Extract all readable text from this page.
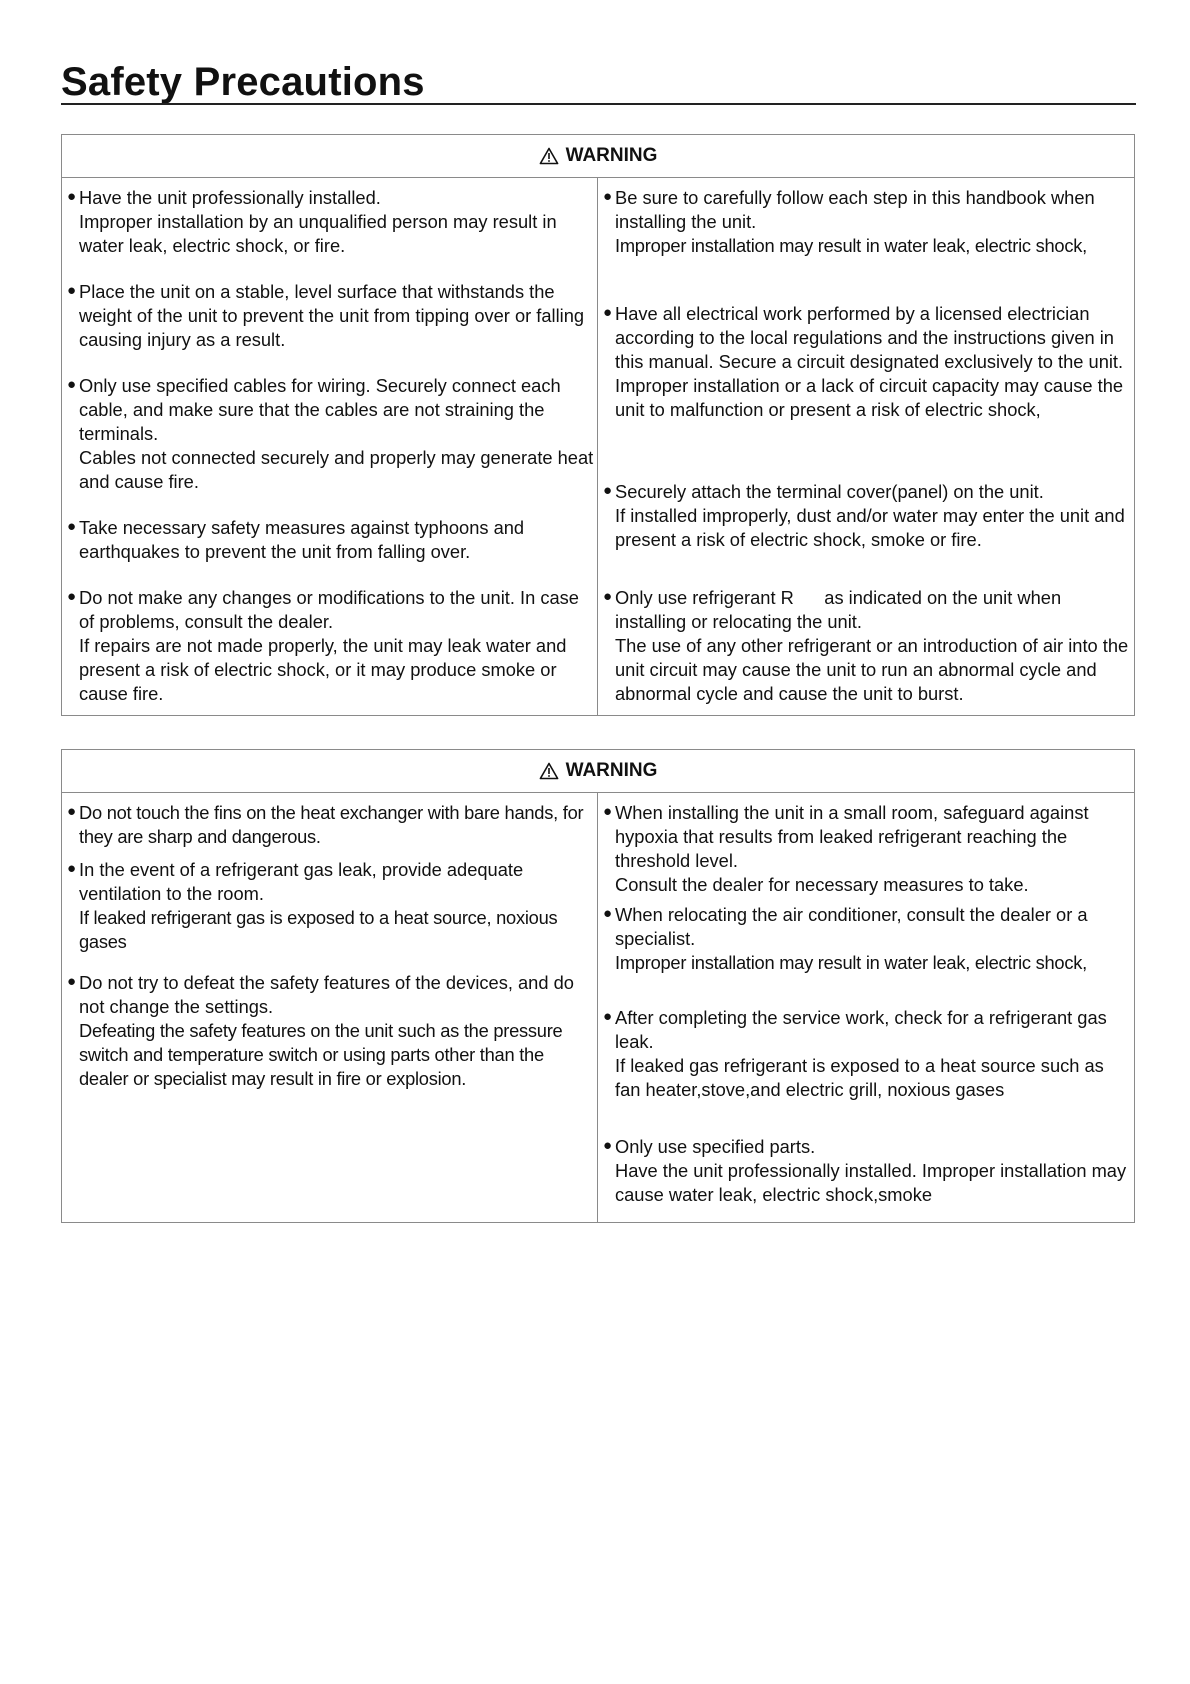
Safety Precautions
WARNING
● Have the unit professionally installed.

Improper installation by an unqualified person may result in water leak, electric shock, or fire.

● Place the unit on a stable, level surface that withstands the weight of the unit to prevent the unit from tipping over or falling causing injury as a result.

● Only use specified cables for wiring. Securely connect each cable, and make sure that the cables are not straining the terminals.

Cables not connected securely and properly may generate heat and cause fire.

● Take necessary safety measures against typhoons and earthquakes to prevent the unit from falling over.

● Do not make any changes or modifications to the unit. In case of problems, consult the dealer.

If repairs are not made properly, the unit may leak water and present a risk of electric shock, or it may produce smoke or cause fire.

● Be sure to carefully follow each step in this handbook when installing the unit.

Improper installation may result in water leak, electric shock,

● Have all electrical work performed by a licensed electrician according to the local regulations and the instructions given in this manual. Secure a circuit designated exclusively to the unit.

Improper installation or a lack of circuit capacity may cause the unit to malfunction or present a risk of electric shock,

● Securely attach the terminal cover(panel) on the unit.

If installed improperly, dust and/or water may enter the unit and present a risk of electric shock, smoke or fire.

● Only use refrigerant R      as indicated on the unit when installing or relocating the unit.

The use of any other refrigerant or an introduction of air into the unit circuit may cause the unit to run an abnormal cycle and abnormal cycle and cause the unit to burst.

WARNING
● Do not touch the fins on the heat exchanger with bare hands, for they are sharp and dangerous.

● In the event of a refrigerant gas leak, provide adequate ventilation to the room.

If leaked refrigerant gas is exposed to a heat source, noxious gases

● Do not try to defeat the safety features of the devices, and do not change the settings.

Defeating the safety features on the unit such as the pressure switch and temperature switch or using parts other than the dealer or specialist may result in fire or explosion.

● When installing the unit in a small room, safeguard against hypoxia that results from leaked refrigerant reaching the threshold level.

Consult the dealer for necessary measures to take.

● When relocating the air conditioner, consult the dealer or a specialist.

Improper installation may result in water leak, electric shock,

● After completing the service work, check for a refrigerant gas leak.

If leaked gas refrigerant is exposed to a heat source such as fan heater,stove,and electric grill, noxious gases

● Only use specified parts.

Have the unit professionally installed. Improper installation may cause water leak, electric shock,smoke
